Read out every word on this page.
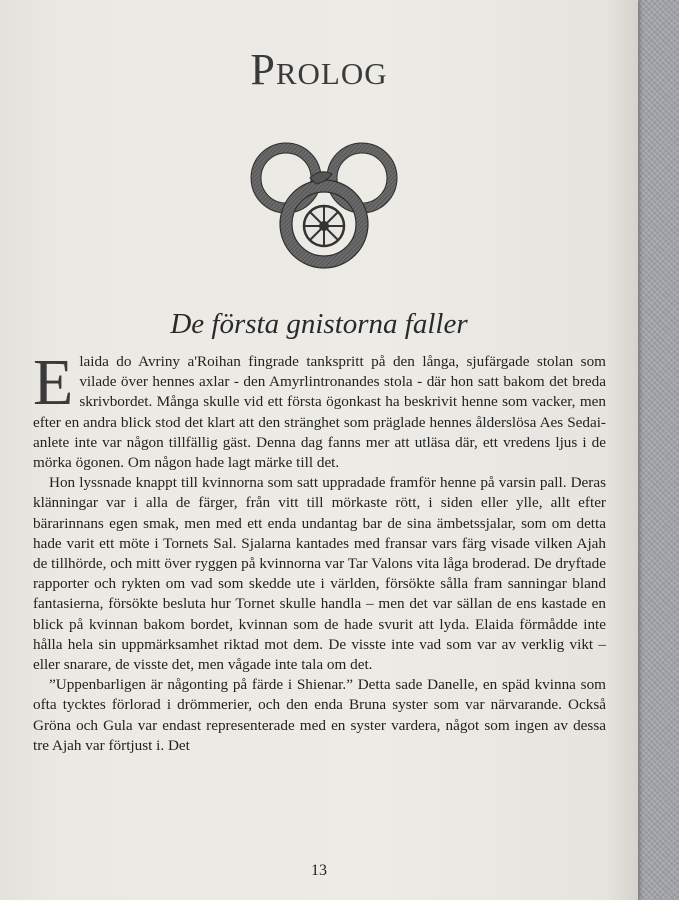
Prolog
De första gnistorna faller

Elaida do Avriny a'Roihan fingrade tankspritt på den långa, sjufärgade stolan som vilade över hennes axlar - den Amyrlintronandes stola - där hon satt bakom det breda skrivbordet. Många skulle vid ett första ögonkast ha beskrivit henne som vacker, men efter en andra blick stod det klart att den stränghet som präglade hennes ålderslösa Aes Sedai-anlete inte var någon tillfällig gäst. Denna dag fanns mer att utläsa där, ett vredens ljus i de mörka ögonen. Om någon hade lagt märke till det.

Hon lyssnade knappt till kvinnorna som satt uppradade framför henne på varsin pall. Deras klänningar var i alla de färger, från vitt till mörkaste rött, i siden eller ylle, allt efter bärarinnans egen smak, men med ett enda undantag bar de sina ämbetssjalar, som om detta hade varit ett möte i Tornets Sal. Sjalarna kantades med fransar vars färg visade vilken Ajah de tillhörde, och mitt över ryggen på kvinnorna var Tar Valons vita låga broderad. De dryftade rapporter och rykten om vad som skedde ute i världen, försökte sålla fram sanningar bland fantasierna, försökte besluta hur Tornet skulle handla – men det var sällan de ens kastade en blick på kvinnan bakom bordet, kvinnan som de hade svurit att lyda. Elaida förmådde inte hålla hela sin uppmärksamhet riktad mot dem. De visste inte vad som var av verklig vikt – eller snarare, de visste det, men vågade inte tala om det.

”Uppenbarligen är någonting på färde i Shienar.” Detta sade Danelle, en späd kvinna som ofta tycktes förlorad i drömmerier, och den enda Bruna syster som var närvarande. Också Gröna och Gula var endast representerade med en syster vardera, något som ingen av dessa tre Ajah var förtjust i. Det

13
